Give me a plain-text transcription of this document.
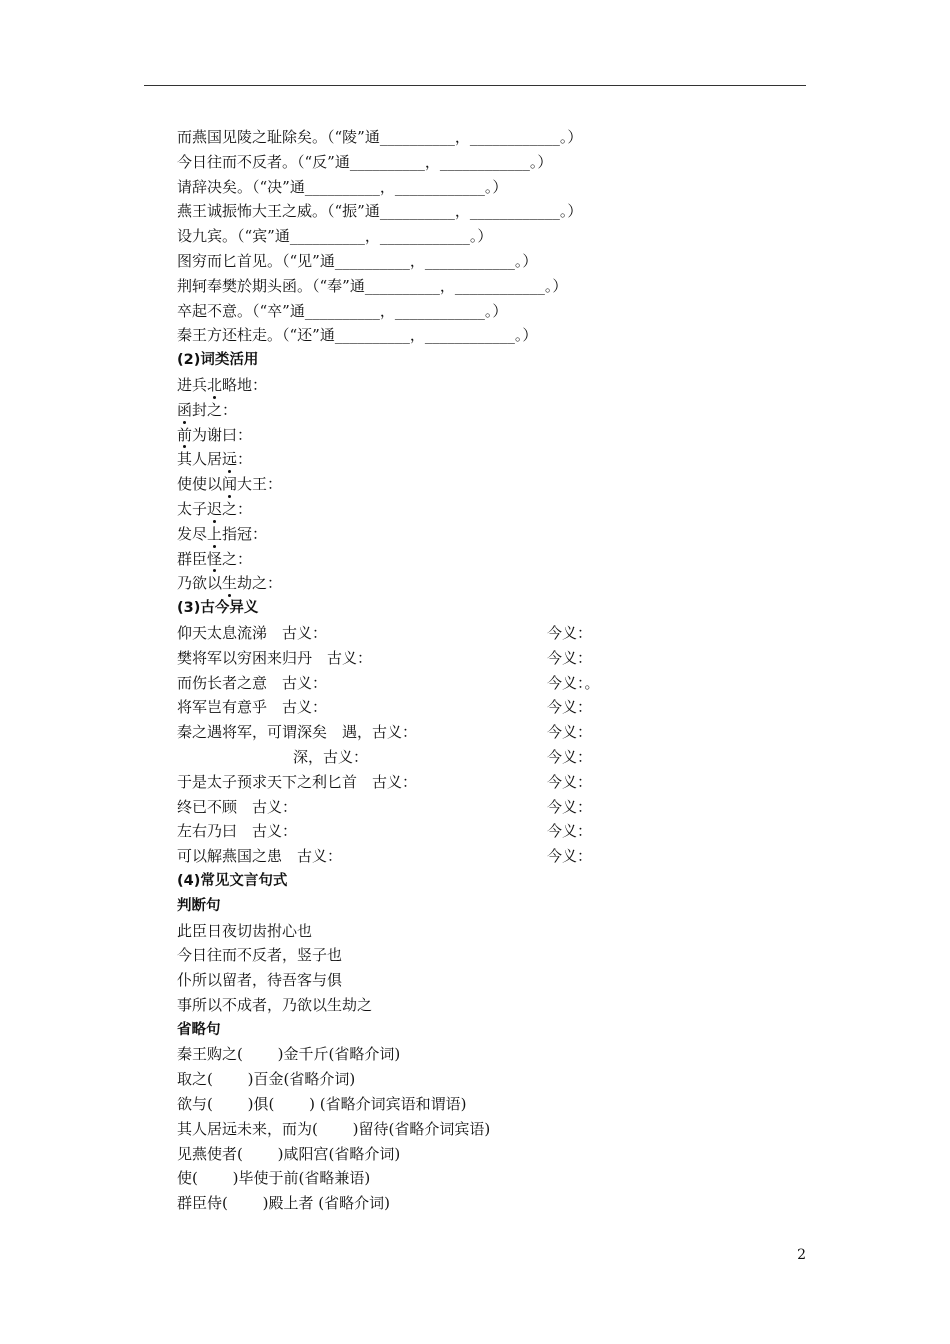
而燕国见陵之耻除矣。（“陵”通__________，____________。）
今日往而不反者。（“反”通__________，____________。）
请辞决矣。（“决”通__________，____________。）
燕王诚振怖大王之威。（“振”通__________，____________。）
设九宾。（“宾”通__________，____________。）
图穷而匕首见。（“见”通__________，____________。）
荆轲奉樊於期头函。（“奉”通__________，____________。）
卒起不意。（“卒”通__________，____________。）
秦王方还柱走。（“还”通__________，____________。）
(2)词类活用
进兵北略地：
函封之：
前为谢曰：
其人居远：
使使以闻大王：
太子迟之：
发尽上指冠：
群臣怪之：
乃欲以生劫之：
(3)古今异义
仰天太息流涕　古义：	今义：
樊将军以穷困来归丹　古义：	今义：
而伤长者之意　古义：	今义：。
将军岂有意乎　古义：	今义：
秦之遇将军，可谓深矣　遇，古义：	今义：
深，古义：	今义：
于是太子预求天下之利匕首　古义：	今义：
终已不顾　古义：	今义：
左右乃曰　古义：	今义：
可以解燕国之患　古义：	今义：
(4)常见文言句式
判断句
此臣日夜切齿拊心也
今日往而不反者，竖子也
仆所以留者，待吾客与俱
事所以不成者，乃欲以生劫之
省略句
秦王购之(　　 )金千斤(省略介词)
取之(　　 )百金(省略介词)
欲与(　　 )俱(　　 ) (省略介词宾语和谓语)
其人居远未来，而为(　　 )留待(省略介词宾语)
见燕使者(　　 )咸阳宫(省略介词)
使(　　 )毕使于前(省略兼语)
群臣侍(　　 )殿上者 (省略介词)
2
